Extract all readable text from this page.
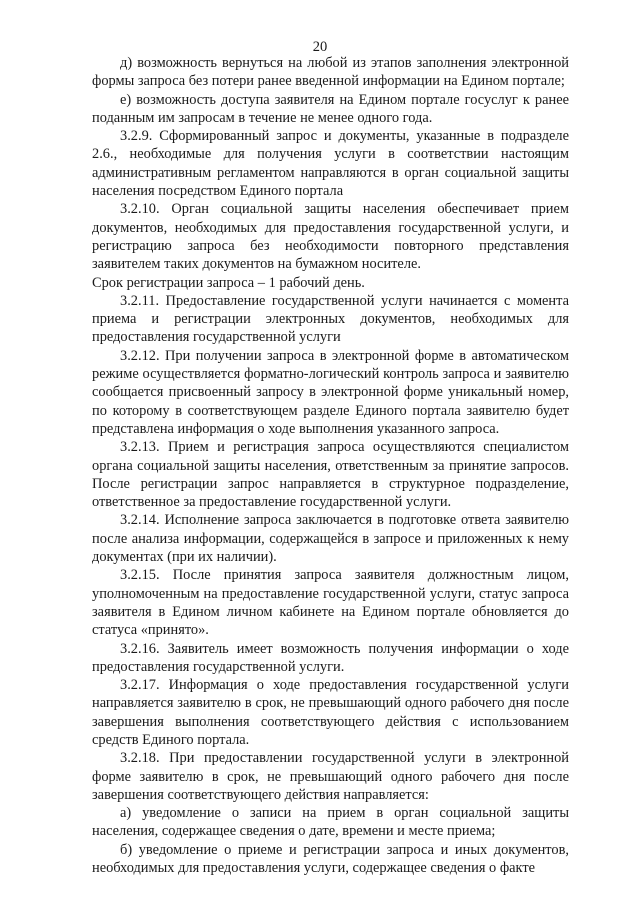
20

д) возможность вернуться на любой из этапов заполнения электронной формы запроса без потери ранее введенной информации на Едином портале;

е) возможность доступа заявителя на Едином портале госуслуг к ранее поданным им запросам в течение не менее одного года.

3.2.9. Сформированный запрос и документы, указанные в подразделе 2.6., необходимые для получения услуги в соответствии настоящим административным регламентом направляются в орган социальной защиты населения посредством Единого портала

3.2.10. Орган социальной защиты населения обеспечивает прием документов, необходимых для предоставления государственной услуги, и регистрацию запроса без необходимости повторного представления заявителем таких документов на бумажном носителе.

Срок регистрации запроса – 1 рабочий день.

3.2.11. Предоставление государственной услуги начинается с момента приема и регистрации электронных документов, необходимых для предоставления государственной услуги

3.2.12. При получении запроса в электронной форме в автоматическом режиме осуществляется форматно-логический контроль запроса и заявителю сообщается присвоенный запросу в электронной форме уникальный номер, по которому в соответствующем разделе Единого портала заявителю будет представлена информация о ходе выполнения указанного запроса.

3.2.13. Прием и регистрация запроса осуществляются специалистом органа социальной защиты населения, ответственным за принятие запросов. После регистрации запрос направляется в структурное подразделение, ответственное за предоставление государственной услуги.

3.2.14. Исполнение запроса заключается в подготовке ответа заявителю после анализа информации, содержащейся в запросе и приложенных к нему документах (при их наличии).

3.2.15. После принятия запроса заявителя должностным лицом, уполномоченным на предоставление государственной услуги, статус запроса заявителя в Едином личном кабинете на Едином портале обновляется до статуса «принято».

3.2.16. Заявитель имеет возможность получения информации о ходе предоставления государственной услуги.

3.2.17. Информация о ходе предоставления государственной услуги направляется заявителю в срок, не превышающий одного рабочего дня после завершения выполнения соответствующего действия с использованием средств Единого портала.

3.2.18. При предоставлении государственной услуги в электронной форме заявителю в срок, не превышающий одного рабочего дня после завершения соответствующего действия направляется:

а) уведомление о записи на прием в орган социальной защиты населения, содержащее сведения о дате, времени и месте приема;

б) уведомление о приеме и регистрации запроса и иных документов, необходимых для предоставления услуги, содержащее сведения о факте
